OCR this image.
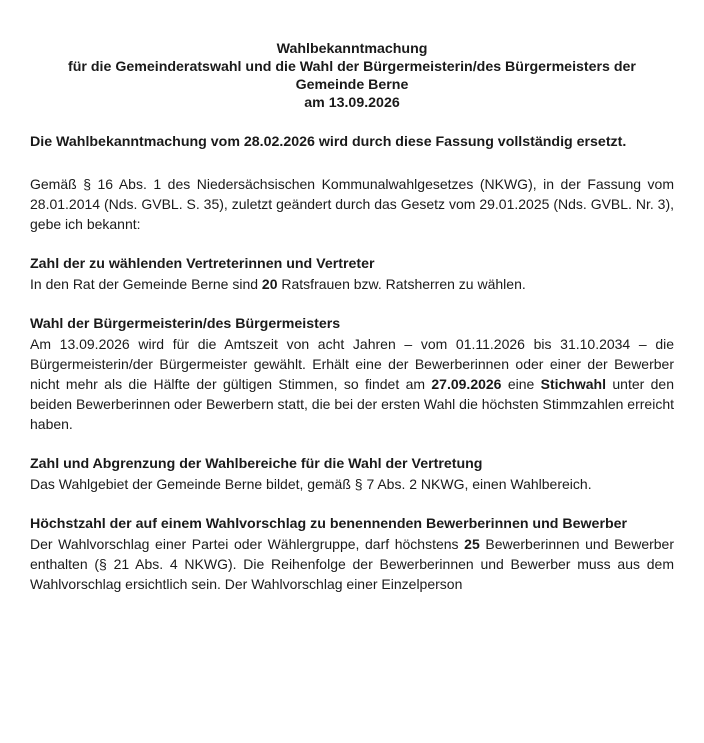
Wahlbekanntmachung
für die Gemeinderatswahl und die Wahl der Bürgermeisterin/des Bürgermeisters der
Gemeinde Berne
am 13.09.2026

Die Wahlbekanntmachung vom 28.02.2026 wird durch diese Fassung vollständig ersetzt.

Gemäß § 16 Abs. 1 des Niedersächsischen Kommunalwahlgesetzes (NKWG), in der Fassung vom 28.01.2014 (Nds. GVBL. S. 35), zuletzt geändert durch das Gesetz vom 29.01.2025 (Nds. GVBL. Nr. 3), gebe ich bekannt:

Zahl der zu wählenden Vertreterinnen und Vertreter

In den Rat der Gemeinde Berne sind 20 Ratsfrauen bzw. Ratsherren zu wählen.

Wahl der Bürgermeisterin/des Bürgermeisters

Am 13.09.2026 wird für die Amtszeit von acht Jahren – vom 01.11.2026 bis 31.10.2034 – die Bürgermeisterin/der Bürgermeister gewählt. Erhält eine der Bewerberinnen oder einer der Bewerber nicht mehr als die Hälfte der gültigen Stimmen, so findet am 27.09.2026 eine Stichwahl unter den beiden Bewerberinnen oder Bewerbern statt, die bei der ersten Wahl die höchsten Stimmzahlen erreicht haben.

Zahl und Abgrenzung der Wahlbereiche für die Wahl der Vertretung

Das Wahlgebiet der Gemeinde Berne bildet, gemäß § 7 Abs. 2 NKWG, einen Wahlbereich.

Höchstzahl der auf einem Wahlvorschlag zu benennenden Bewerberinnen und Bewerber

Der Wahlvorschlag einer Partei oder Wählergruppe, darf höchstens 25 Bewerberinnen und Bewerber enthalten (§ 21 Abs. 4 NKWG). Die Reihenfolge der Bewerberinnen und Bewerber muss aus dem Wahlvorschlag ersichtlich sein. Der Wahlvorschlag einer Einzelperson
